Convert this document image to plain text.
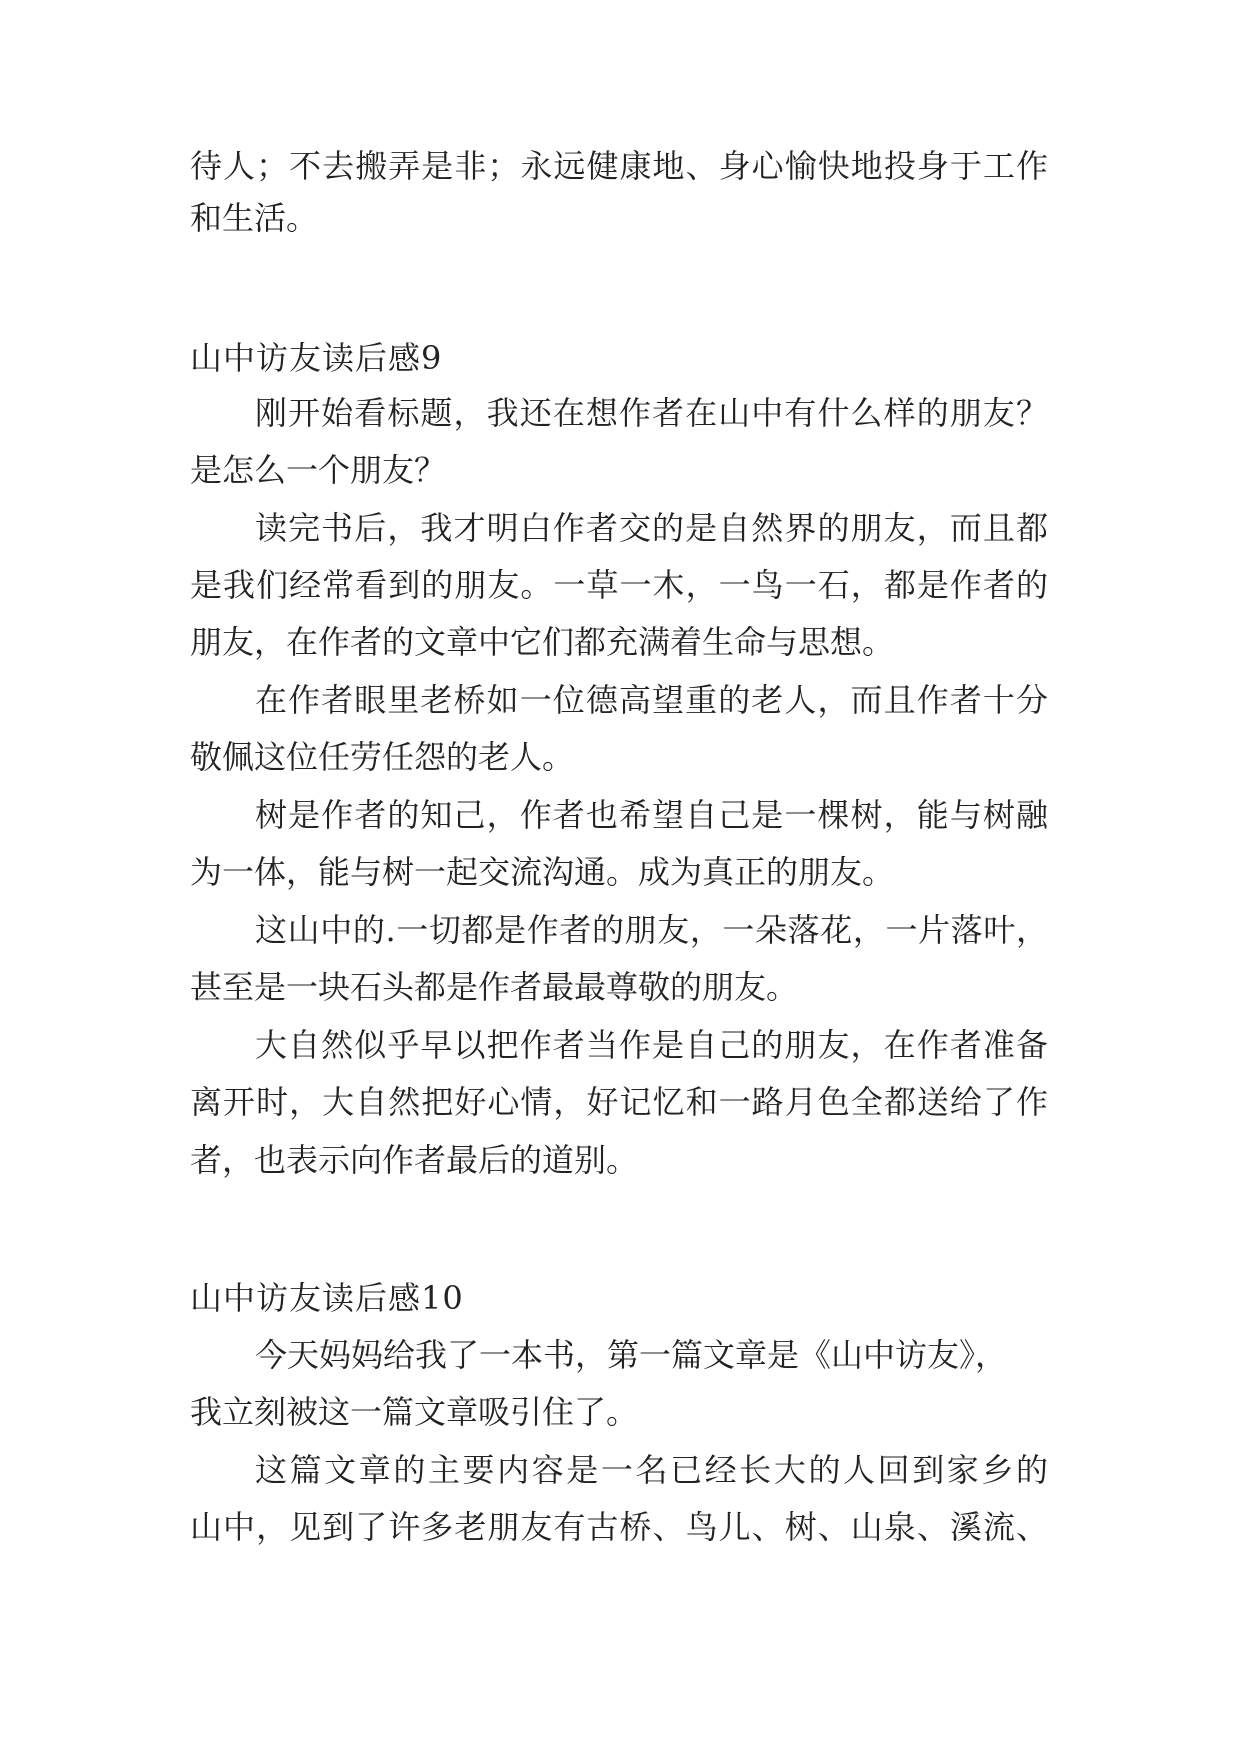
待人；不去搬弄是非；永远健康地、身心愉快地投身于工作

和生活。

山中访友读后感9

刚开始看标题，我还在想作者在山中有什么样的朋友？

是怎么一个朋友？

读完书后，我才明白作者交的是自然界的朋友，而且都

是我们经常看到的朋友。一草一木，一鸟一石，都是作者的

朋友，在作者的文章中它们都充满着生命与思想。

在作者眼里老桥如一位德高望重的老人，而且作者十分

敬佩这位任劳任怨的老人。

树是作者的知己，作者也希望自己是一棵树，能与树融

为一体，能与树一起交流沟通。成为真正的朋友。

这山中的.一切都是作者的朋友，一朵落花，一片落叶，

甚至是一块石头都是作者最最尊敬的朋友。

大自然似乎早以把作者当作是自己的朋友，在作者准备

离开时，大自然把好心情，好记忆和一路月色全都送给了作

者，也表示向作者最后的道别。

山中访友读后感10

今天妈妈给我了一本书，第一篇文章是《山中访友》，

我立刻被这一篇文章吸引住了。

这篇文章的主要内容是一名已经长大的人回到家乡的

山中，见到了许多老朋友有古桥、鸟儿、树、山泉、溪流、
